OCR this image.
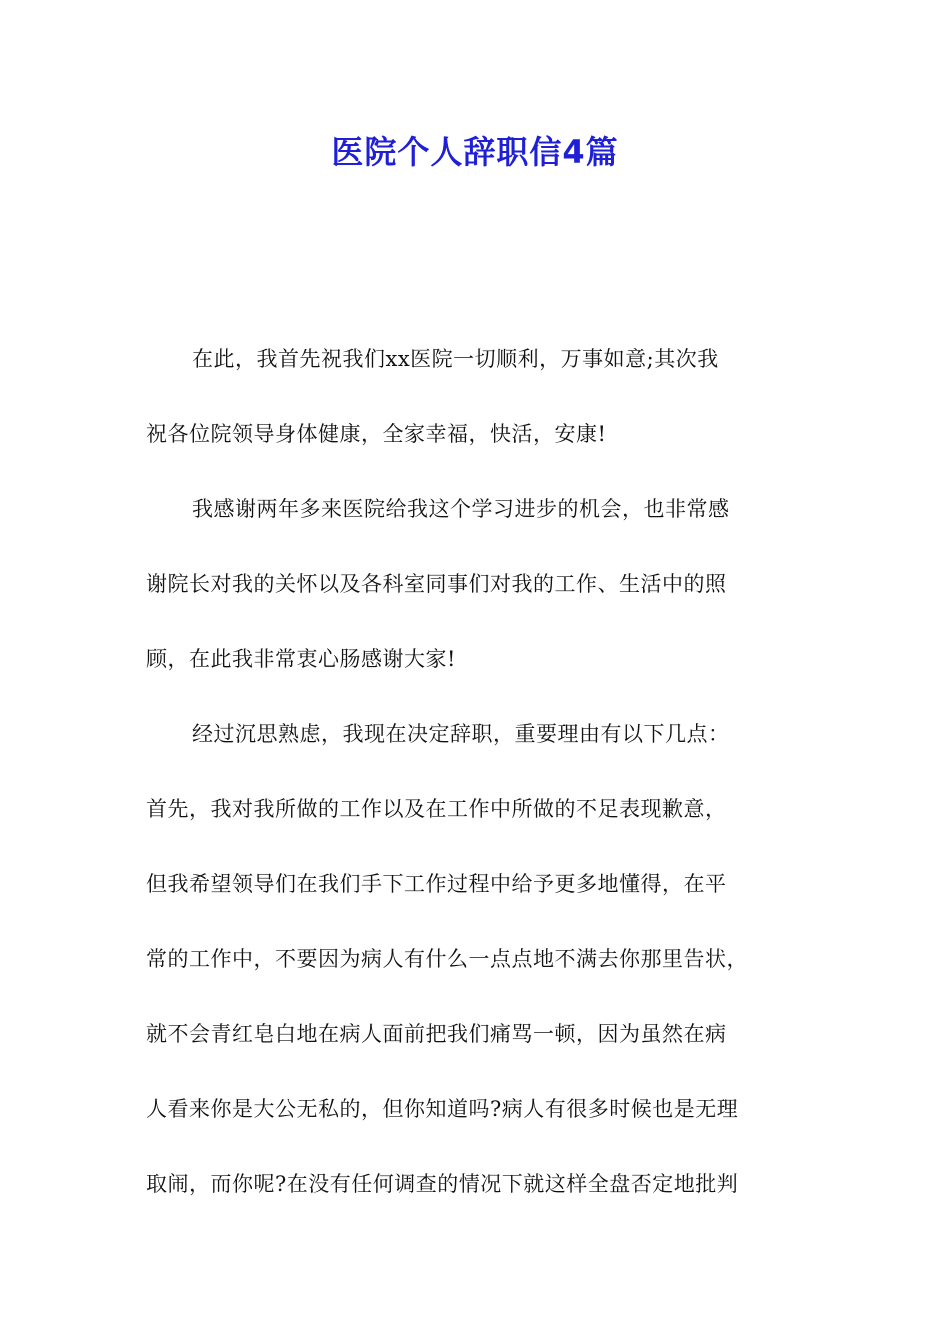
医院个人辞职信4篇
在此，我首先祝我们xx医院一切顺利，万事如意;其次我
祝各位院领导身体健康，全家幸福，快活，安康!
我感谢两年多来医院给我这个学习进步的机会，也非常感
谢院长对我的关怀以及各科室同事们对我的工作、生活中的照
顾，在此我非常衷心肠感谢大家!
经过沉思熟虑，我现在决定辞职，重要理由有以下几点：
首先，我对我所做的工作以及在工作中所做的不足表现歉意，
但我希望领导们在我们手下工作过程中给予更多地懂得，在平
常的工作中，不要因为病人有什么一点点地不满去你那里告状，
就不会青红皂白地在病人面前把我们痛骂一顿，因为虽然在病
人看来你是大公无私的，但你知道吗?病人有很多时候也是无理
取闹，而你呢?在没有任何调查的情况下就这样全盘否定地批判
